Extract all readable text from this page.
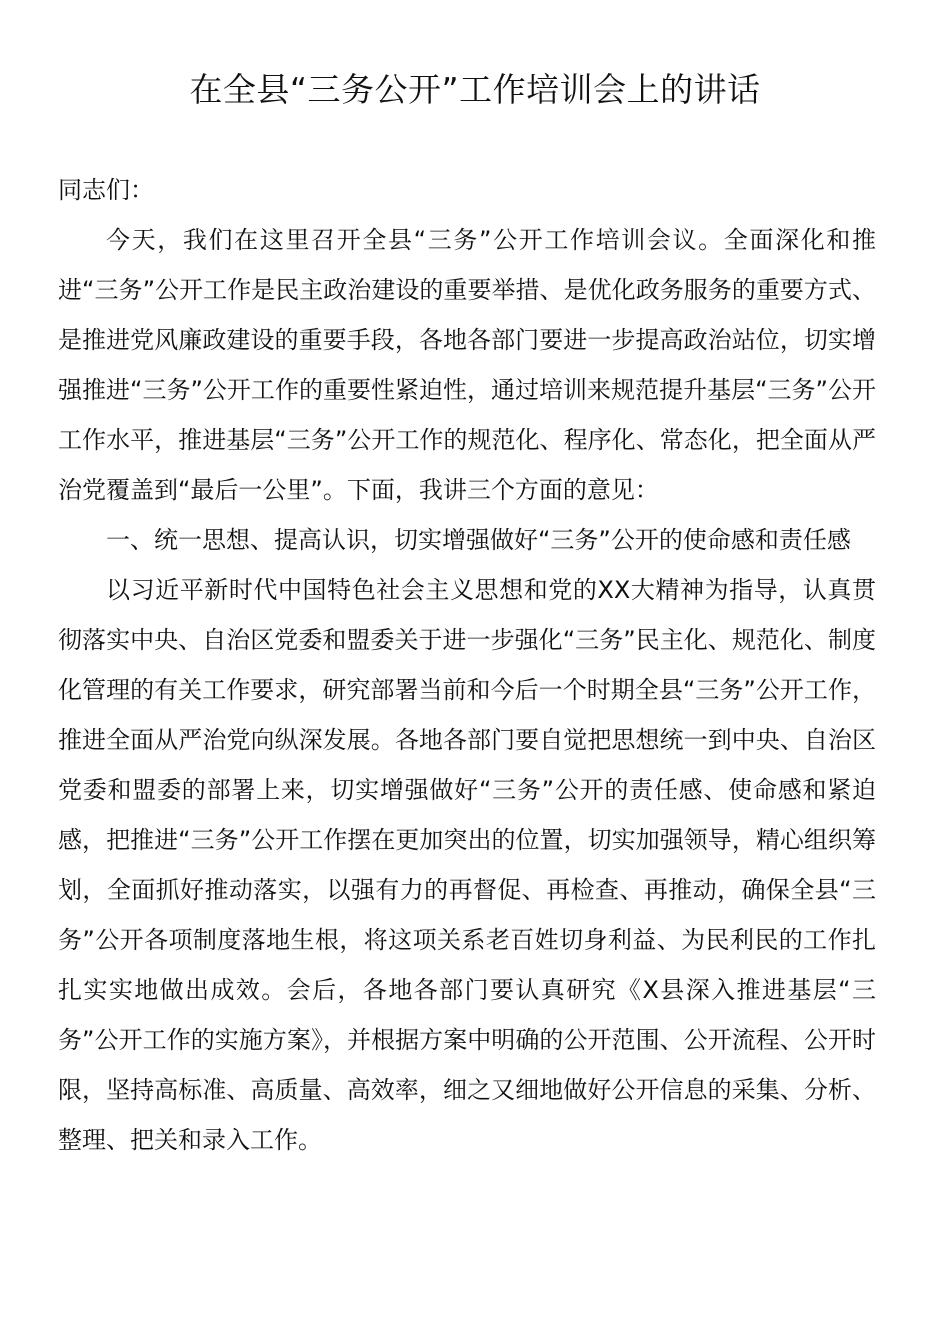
在全县“三务公开”工作培训会上的讲话

同志们：

今天，我们在这里召开全县“三务”公开工作培训会议。全面深化和推进“三务”公开工作是民主政治建设的重要举措、是优化政务服务的重要方式、是推进党风廉政建设的重要手段，各地各部门要进一步提高政治站位，切实增强推进“三务”公开工作的重要性紧迫性，通过培训来规范提升基层“三务”公开工作水平，推进基层“三务”公开工作的规范化、程序化、常态化，把全面从严治党覆盖到“最后一公里”。下面，我讲三个方面的意见：

一、统一思想、提高认识，切实增强做好“三务”公开的使命感和责任感

以习近平新时代中国特色社会主义思想和党的XX大精神为指导，认真贯彻落实中央、自治区党委和盟委关于进一步强化“三务”民主化、规范化、制度化管理的有关工作要求，研究部署当前和今后一个时期全县“三务”公开工作，推进全面从严治党向纵深发展。各地各部门要自觉把思想统一到中央、自治区党委和盟委的部署上来，切实增强做好“三务”公开的责任感、使命感和紧迫感，把推进“三务”公开工作摆在更加突出的位置，切实加强领导，精心组织筹划，全面抓好推动落实，以强有力的再督促、再检查、再推动，确保全县“三务”公开各项制度落地生根，将这项关系老百姓切身利益、为民利民的工作扎扎实实地做出成效。会后，各地各部门要认真研究《X县深入推进基层“三务”公开工作的实施方案》，并根据方案中明确的公开范围、公开流程、公开时限，坚持高标准、高质量、高效率，细之又细地做好公开信息的采集、分析、整理、把关和录入工作。
